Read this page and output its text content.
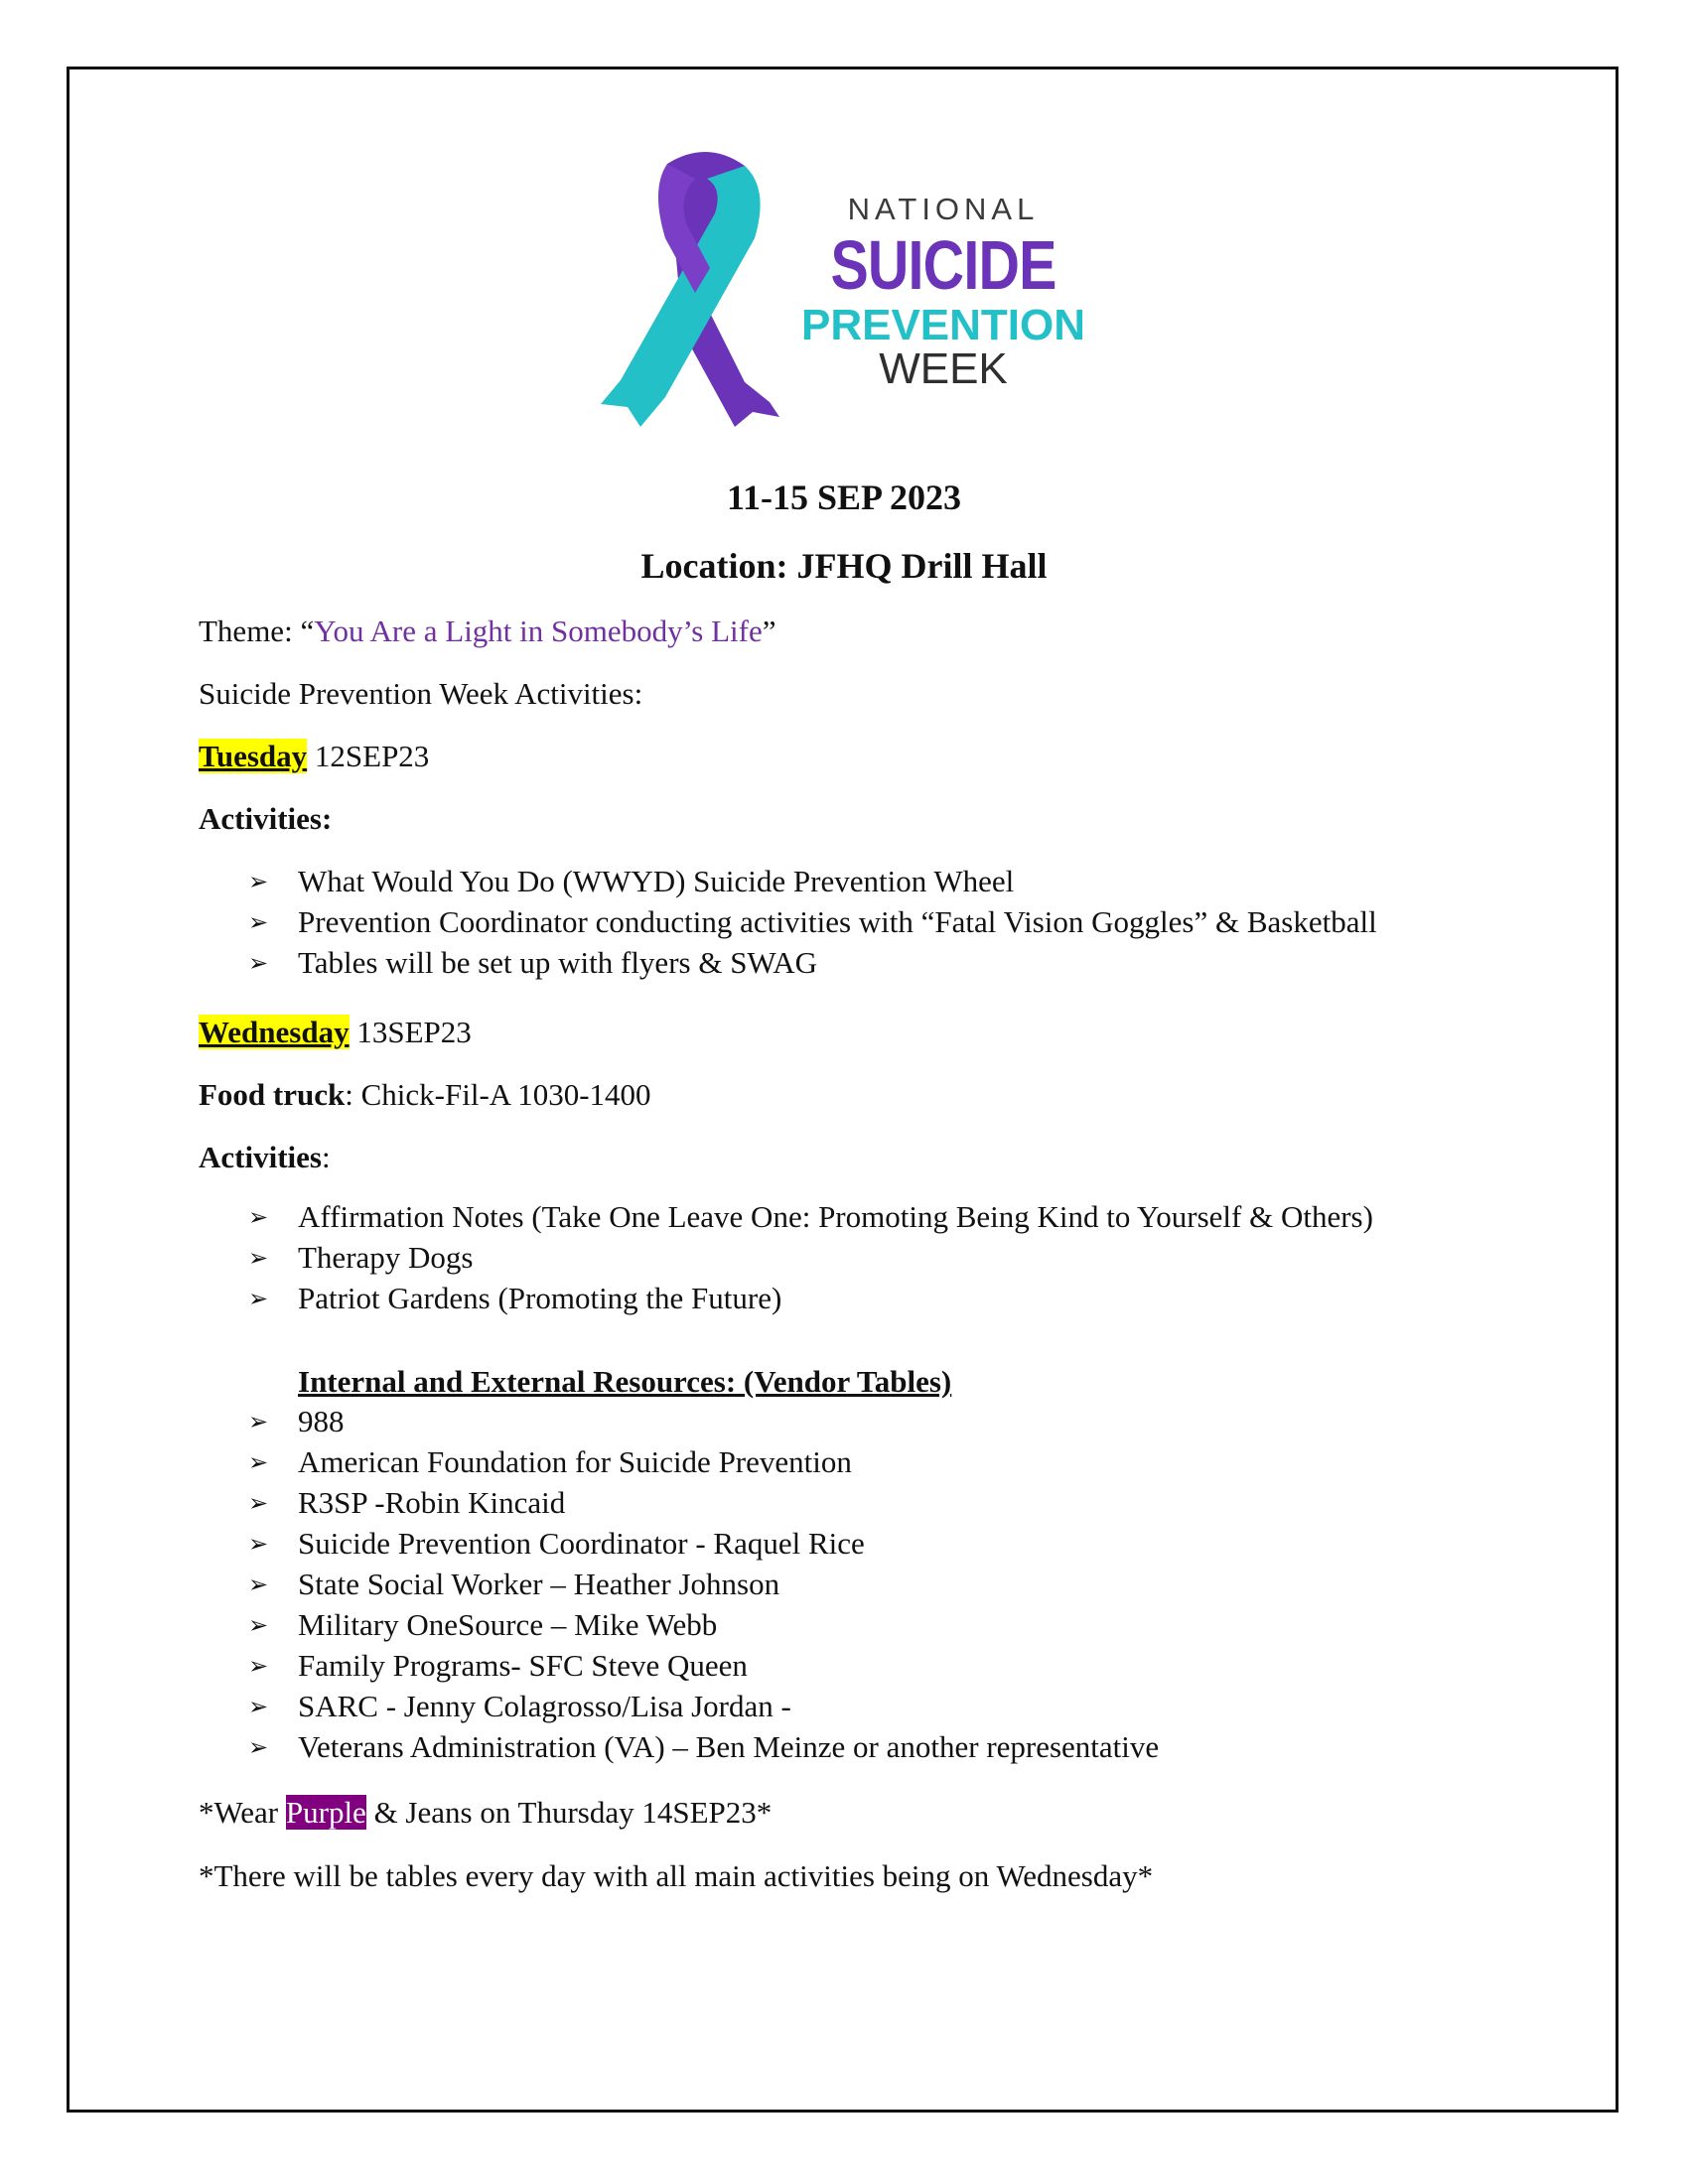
NATIONAL
SUICIDE
PREVENTION
WEEK
11-15 SEP 2023
Location: JFHQ Drill Hall
Theme: “You Are a Light in Somebody’s Life”
Suicide Prevention Week Activities:
Tuesday 12SEP23
Activities:
➢ What Would You Do (WWYD) Suicide Prevention Wheel
➢ Prevention Coordinator conducting activities with “Fatal Vision Goggles” & Basketball
➢ Tables will be set up with flyers & SWAG
Wednesday 13SEP23
Food truck: Chick-Fil-A 1030-1400
Activities:
➢ Affirmation Notes (Take One Leave One: Promoting Being Kind to Yourself & Others)
➢ Therapy Dogs
➢ Patriot Gardens (Promoting the Future)
Internal and External Resources: (Vendor Tables)
➢ 988
➢ American Foundation for Suicide Prevention
➢ R3SP -Robin Kincaid
➢ Suicide Prevention Coordinator - Raquel Rice
➢ State Social Worker – Heather Johnson
➢ Military OneSource – Mike Webb
➢ Family Programs- SFC Steve Queen
➢ SARC - Jenny Colagrosso/Lisa Jordan -
➢ Veterans Administration (VA) – Ben Meinze or another representative
*Wear Purple & Jeans on Thursday 14SEP23*
*There will be tables every day with all main activities being on Wednesday*
